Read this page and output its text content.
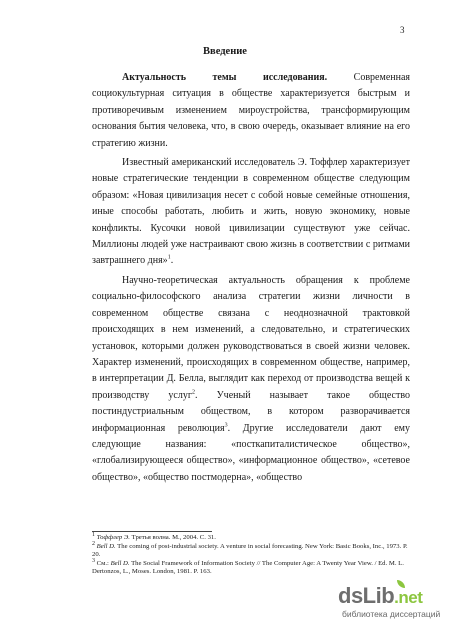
3
Введение

Актуальность темы исследования. Современная социокультурная ситуация в обществе характеризуется быстрым и противоречивым изменением мироустройства, трансформирующим основания бытия человека, что, в свою очередь, оказывает влияние на его стратегию жизни.

Известный американский исследователь Э. Тоффлер характеризует новые стратегические тенденции в современном обществе следующим образом: «Новая цивилизация несет с собой новые семейные отношения, иные способы работать, любить и жить, новую экономику, новые конфликты. Кусочки новой цивилизации существуют уже сейчас. Миллионы людей уже настраивают свою жизнь в соответствии с ритмами завтрашнего дня»$^1$.

Научно-теоретическая актуальность обращения к проблеме социально-философского анализа стратегии жизни личности в современном обществе связана с неоднозначной трактовкой происходящих в нем изменений, а следовательно, и стратегических установок, которыми должен руководствоваться в своей жизни человек. Характер изменений, происходящих в современном обществе, например, в интерпретации Д. Белла, выглядит как переход от производства вещей к производству услуг$^2$. Ученый называет такое общество постиндустриальным обществом, в котором разворачивается информационная революция$^3$. Другие исследователи дают ему следующие названия: «посткапиталистическое общество», «глобализирующееся общество», «информационное общество», «сетевое общество», «общество постмодерна», «общество

$^1$ Тоффлер Э. Третья волна. М., 2004. С. 31.

$^2$ Bell D. The coming of post-industrial society. A venture in social forecasting. New York: Basic Books, Inc., 1973. P. 20.

$^3$ См.: Bell D. The Social Framework of Information Society // The Computer Age: A Twenty Year View. / Ed. M. L. Dertonzos, L., Moses. London, 1981. P. 163.

dsLib.net
библиотека диссертаций
